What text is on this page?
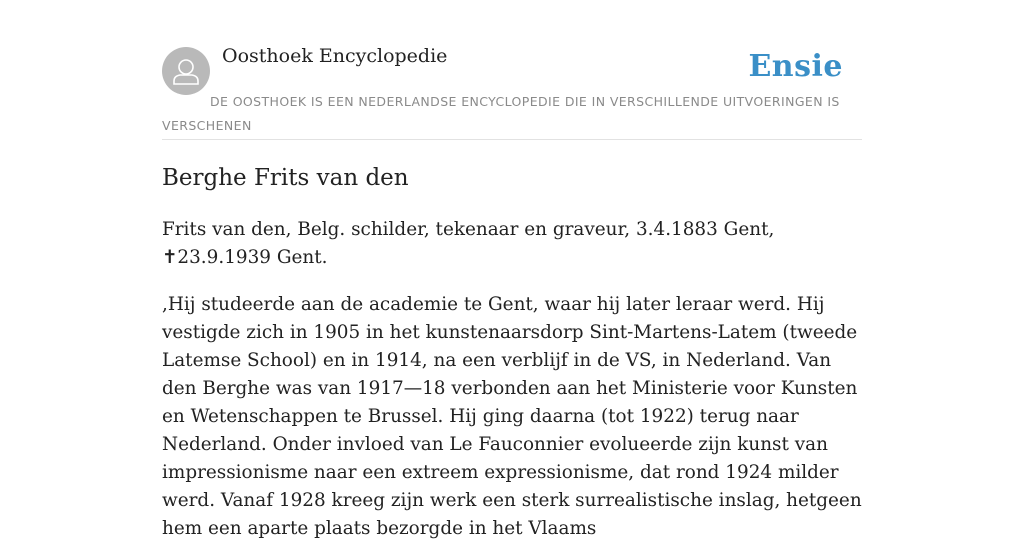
Oosthoek Encyclopedie	Ensie
DE OOSTHOEK IS EEN NEDERLANDSE ENCYCLOPEDIE DIE IN VERSCHILLENDE UITVOERINGEN IS VERSCHENEN
Berghe Frits van den

Frits van den, Belg. schilder, tekenaar en graveur, 3.4.1883 Gent, ✝23.9.1939 Gent.

,Hij studeerde aan de academie te Gent, waar hij later leraar werd. Hij vestigde zich in 1905 in het kunstenaarsdorp Sint-Martens-Latem (tweede Latemse School) en in 1914, na een verblijf in de VS, in Nederland. Van den Berghe was van 1917—18 verbonden aan het Ministerie voor Kunsten en Wetenschappen te Brussel. Hij ging daarna (tot 1922) terug naar Nederland. Onder invloed van Le Fauconnier evolueerde zijn kunst van impressionisme naar een extreem expressionisme, dat rond 1924 milder werd. Vanaf 1928 kreeg zijn werk een sterk surrealistische inslag, hetgeen hem een aparte plaats bezorgde in het Vlaams
